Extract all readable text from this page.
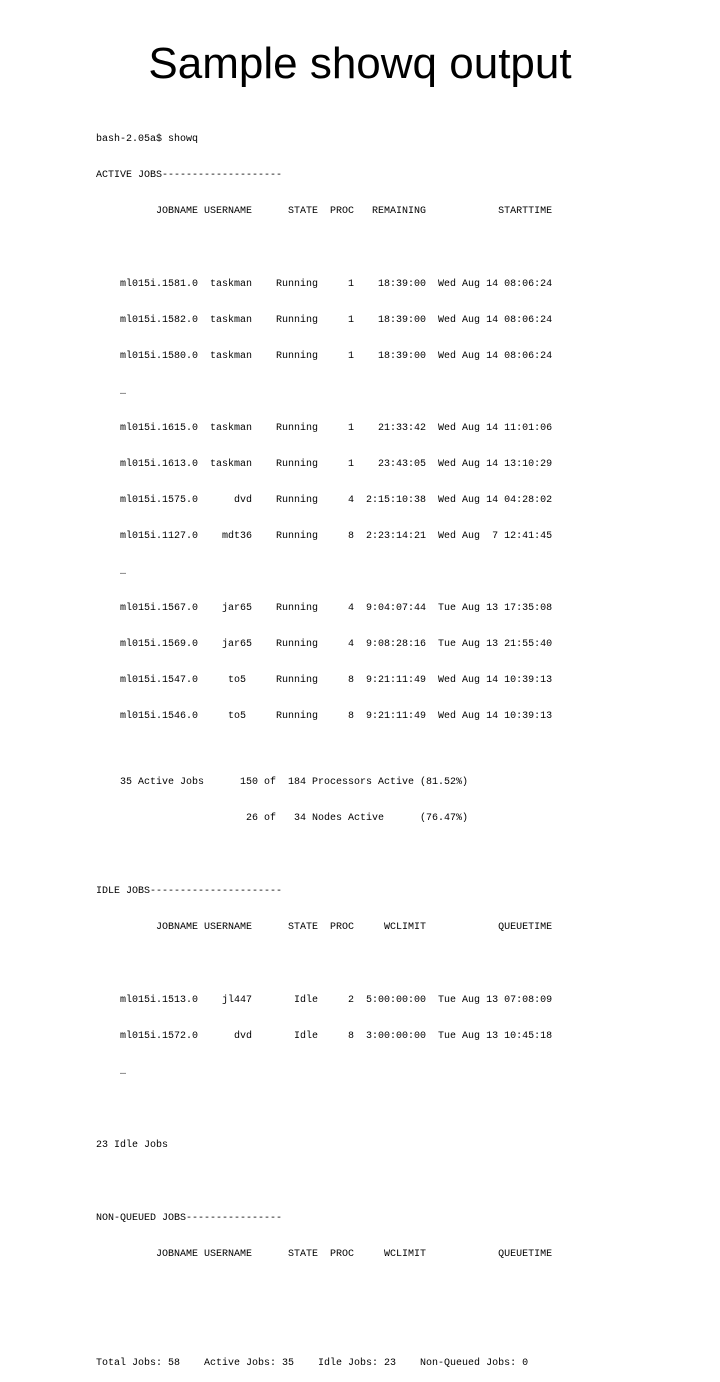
Sample showq output

bash-2.05a$ showq

ACTIVE JOBS--------------------

JOBNAME USERNAME      STATE  PROC   REMAINING            STARTTIME

ml015i.1581.0  taskman    Running     1    18:39:00  Wed Aug 14 08:06:24

ml015i.1582.0  taskman    Running     1    18:39:00  Wed Aug 14 08:06:24

ml015i.1580.0  taskman    Running     1    18:39:00  Wed Aug 14 08:06:24

…

ml015i.1615.0  taskman    Running     1    21:33:42  Wed Aug 14 11:01:06

ml015i.1613.0  taskman    Running     1    23:43:05  Wed Aug 14 13:10:29

ml015i.1575.0      dvd    Running     4  2:15:10:38  Wed Aug 14 04:28:02

ml015i.1127.0    mdt36    Running     8  2:23:14:21  Wed Aug  7 12:41:45

…

ml015i.1567.0    jar65    Running     4  9:04:07:44  Tue Aug 13 17:35:08

ml015i.1569.0    jar65    Running     4  9:08:28:16  Tue Aug 13 21:55:40

ml015i.1547.0     to5     Running     8  9:21:11:49  Wed Aug 14 10:39:13

ml015i.1546.0     to5     Running     8  9:21:11:49  Wed Aug 14 10:39:13

35 Active Jobs      150 of  184 Processors Active (81.52%)

26 of   34 Nodes Active      (76.47%)

IDLE JOBS----------------------

JOBNAME USERNAME      STATE  PROC     WCLIMIT            QUEUETIME

ml015i.1513.0    jl447       Idle     2  5:00:00:00  Tue Aug 13 07:08:09

ml015i.1572.0      dvd       Idle     8  3:00:00:00  Tue Aug 13 10:45:18

…

23 Idle Jobs

NON-QUEUED JOBS----------------

JOBNAME USERNAME      STATE  PROC     WCLIMIT            QUEUETIME

Total Jobs: 58    Active Jobs: 35    Idle Jobs: 23    Non-Queued Jobs: 0
